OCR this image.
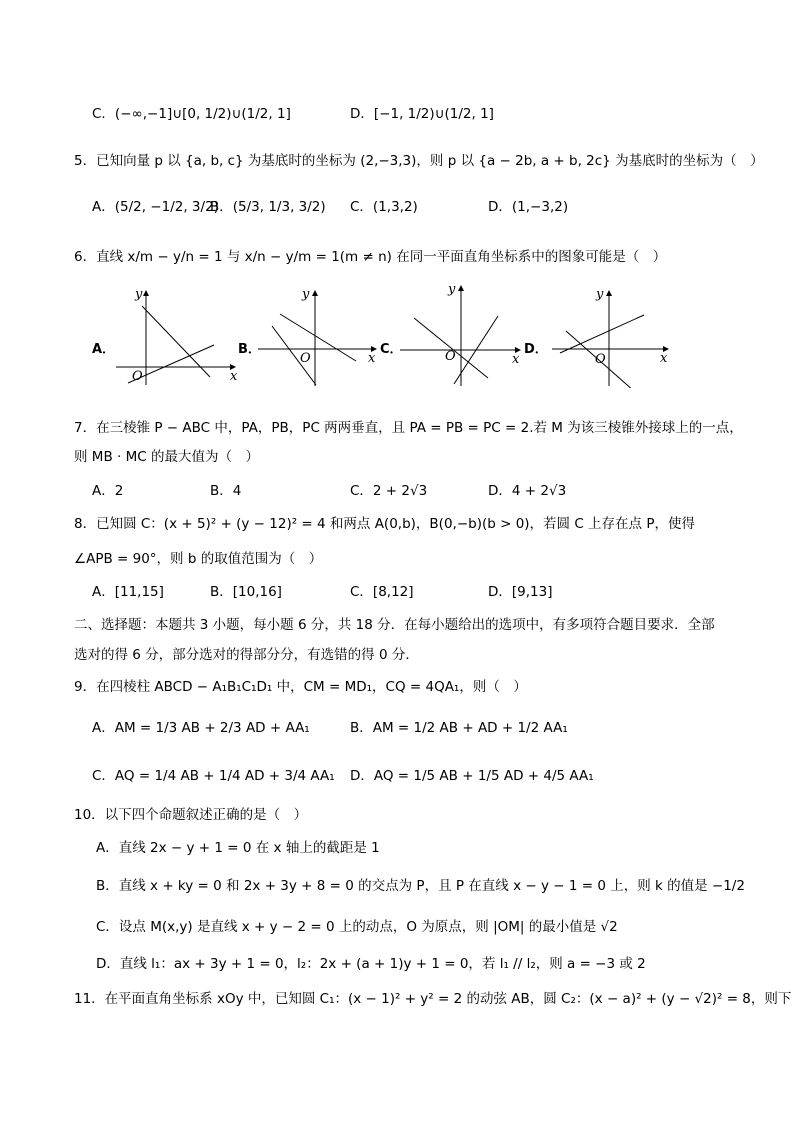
C．(−∞,−1]∪[0, 1/2)∪(1/2, 1]	D．[−1, 1/2)∪(1/2, 1]
5．已知向量 p 以 {a, b, c} 为基底时的坐标为 (2,−3,3)，则 p 以 {a − 2b, a + b, 2c} 为基底时的坐标为（　）
A．(5/2, −1/2, 3/2)
B．(5/3, 1/3, 3/2) C．(1,3,2)	D．(1,−3,2)
6．直线 x/m − y/n = 1 与 x/n − y/m = 1(m ≠ n) 在同一平面直角坐标系中的图象可能是（　）
A．
x
y
O
B．
x
y
O
C．
x
y
O	D．
x
y
O
7．在三棱锥 P − ABC 中，PA，PB，PC 两两垂直，且 PA = PB = PC = 2.若 M 为该三棱锥外接球上的一点，
则 MB · MC 的最大值为（　）
A．2	B．4	C．2 + 2√3	D．4 + 2√3
8．已知圆 C：(x + 5)² + (y − 12)² = 4 和两点 A(0,b)，B(0,−b)(b > 0)，若圆 C 上存在点 P，使得
∠APB = 90°，则 b 的取值范围为（　）
A．[11,15]	B．[10,16]	C．[8,12]	D．[9,13]
二、选择题：本题共 3 小题，每小题 6 分，共 18 分．在每小题给出的选项中，有多项符合题目要求．全部
选对的得 6 分，部分选对的得部分分，有选错的得 0 分．
9．在四棱柱 ABCD − A₁B₁C₁D₁ 中，CM = MD₁，CQ = 4QA₁，则（　）
A．AM = 1/3 AB + 2/3 AD + AA₁	B．AM = 1/2 AB + AD + 1/2 AA₁
C．AQ = 1/4 AB + 1/4 AD + 3/4 AA₁ D．AQ = 1/5 AB + 1/5 AD + 4/5 AA₁
10．以下四个命题叙述正确的是（　）
A．直线 2x − y + 1 = 0 在 x 轴上的截距是 1
B．直线 x + ky = 0 和 2x + 3y + 8 = 0 的交点为 P，且 P 在直线 x − y − 1 = 0 上，则 k 的值是 −1/2
C．设点 M(x,y) 是直线 x + y − 2 = 0 上的动点，O 为原点，则 |OM| 的最小值是 √2
D．直线 l₁：ax + 3y + 1 = 0，l₂：2x + (a + 1)y + 1 = 0，若 l₁ // l₂，则 a = −3 或 2
11．在平面直角坐标系 xOy 中，已知圆 C₁：(x − 1)² + y² = 2 的动弦 AB，圆 C₂：(x − a)² + (y − √2)² = 8，则下
